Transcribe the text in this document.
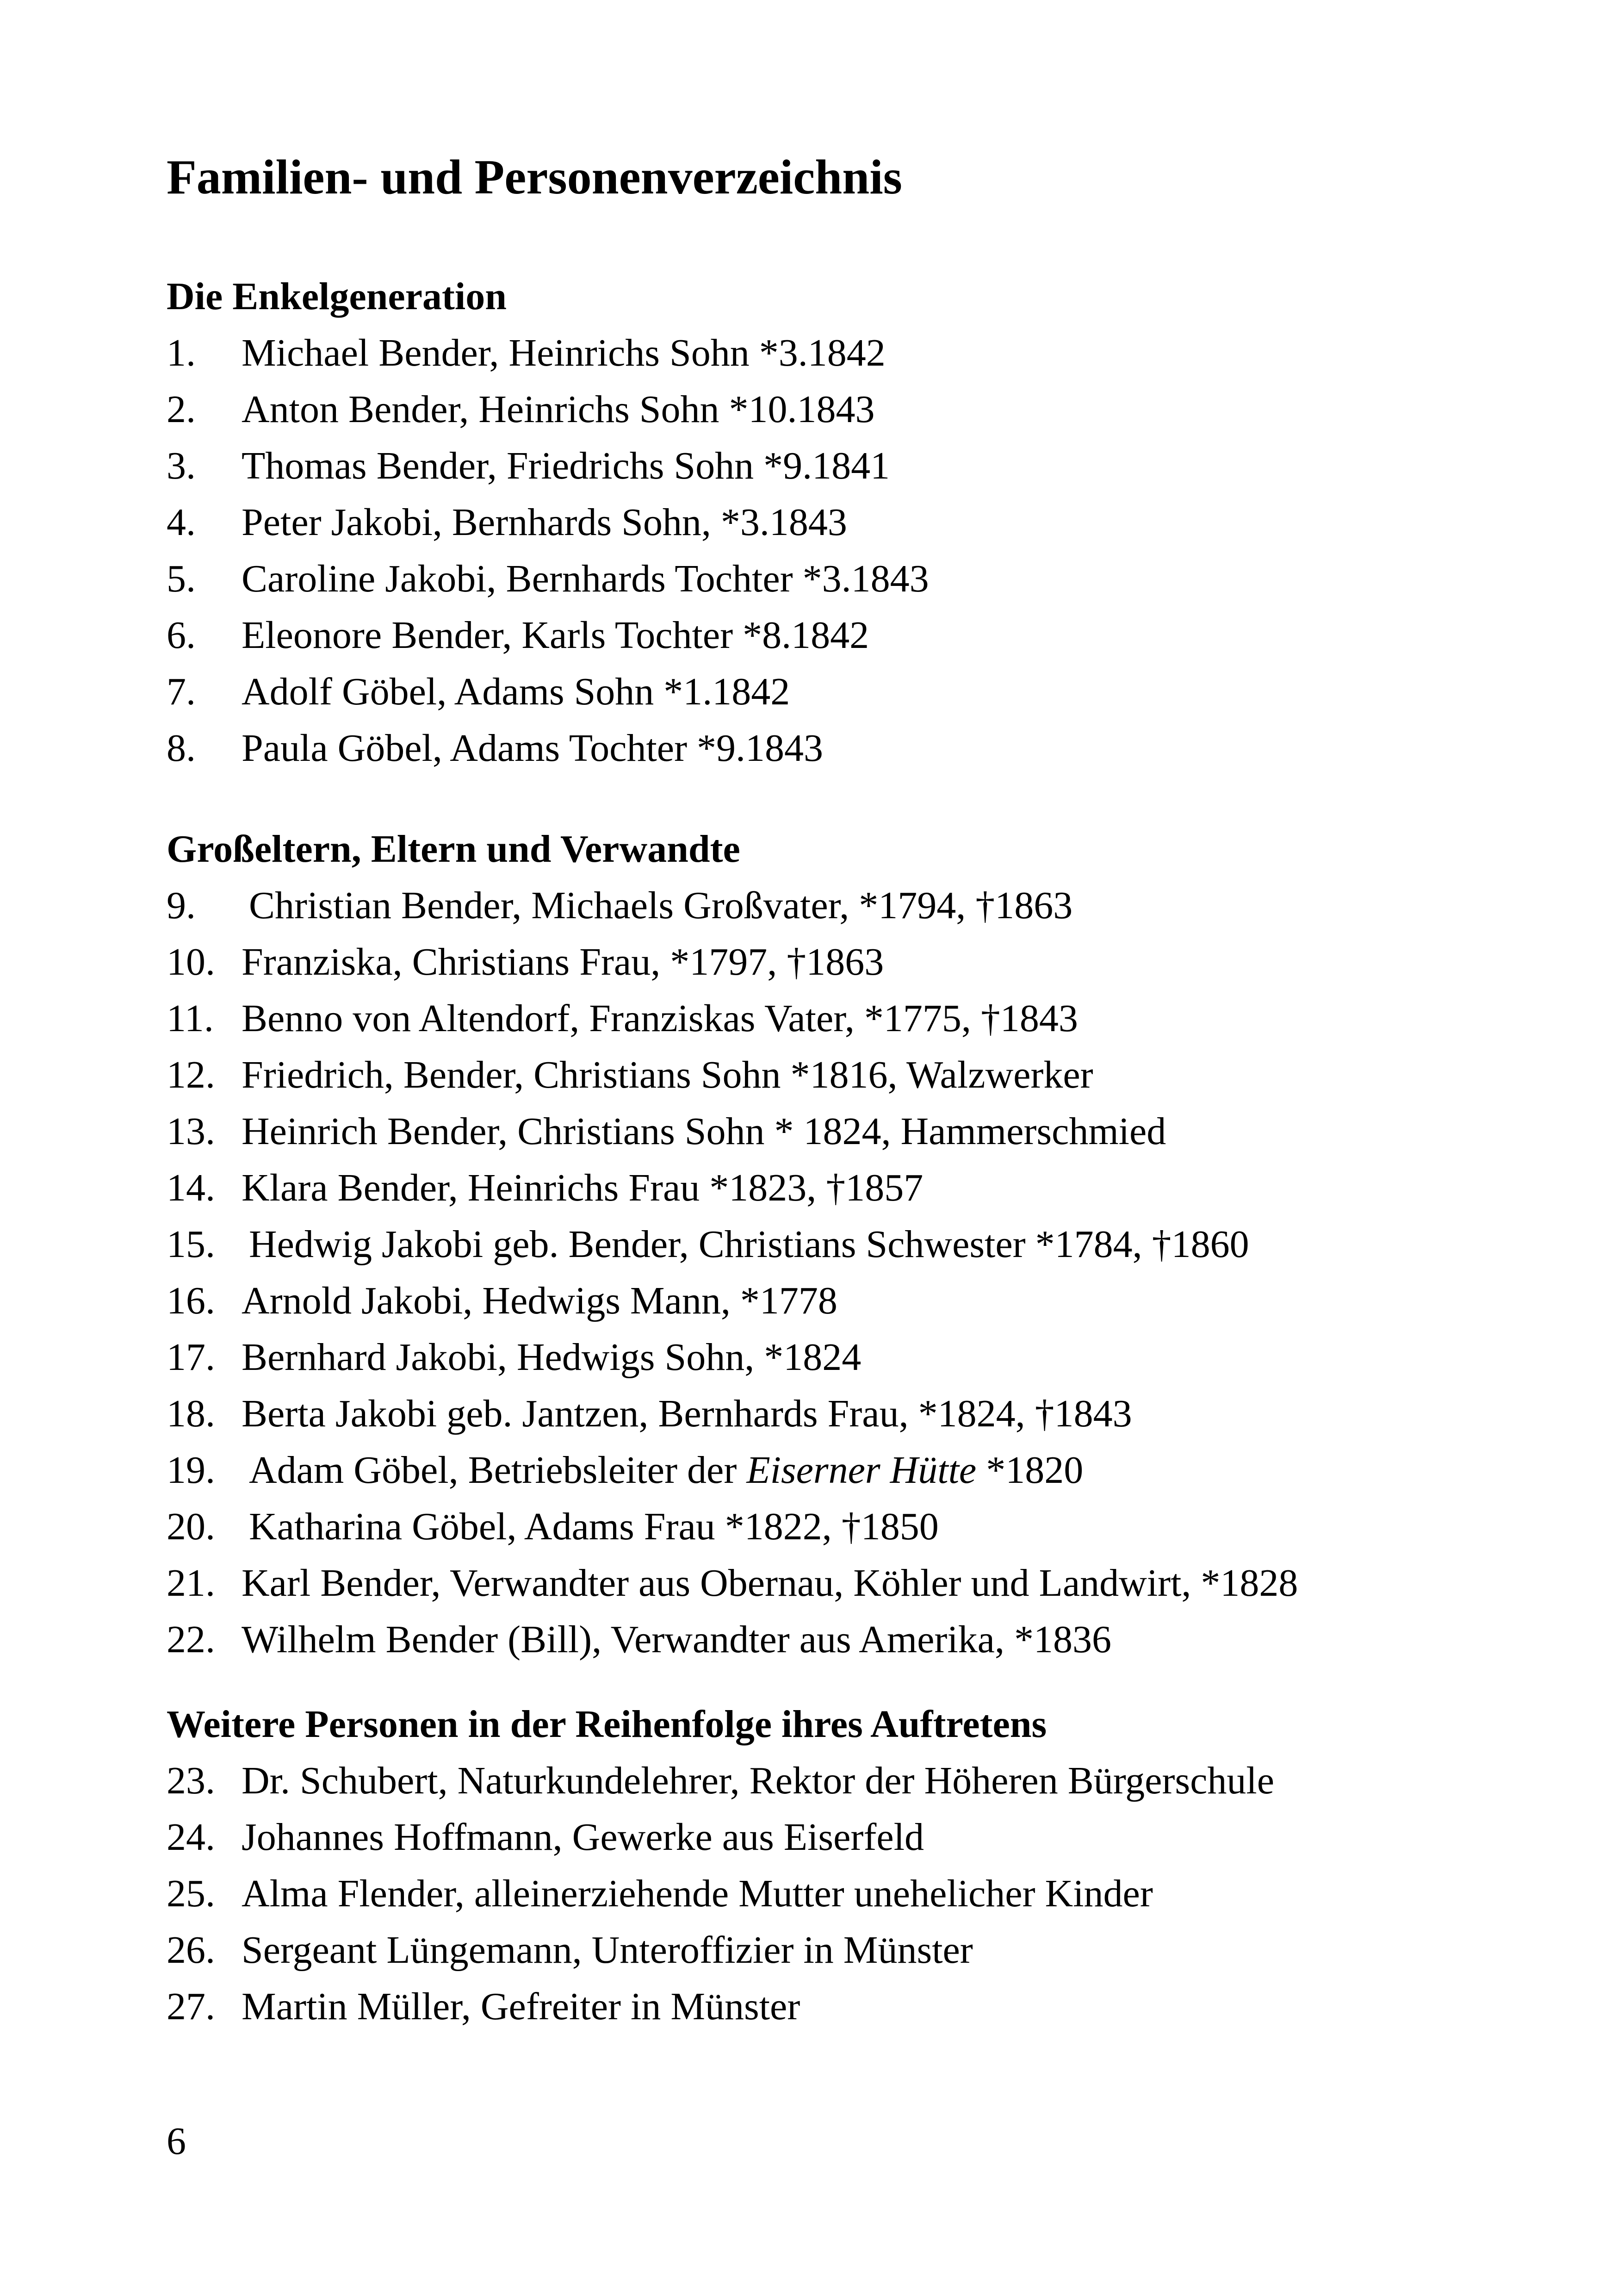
Familien- und Personenverzeichnis
Die Enkelgeneration
1.	Michael Bender, Heinrichs Sohn *3.1842
2.	Anton Bender, Heinrichs Sohn *10.1843
3.	Thomas Bender, Friedrichs Sohn *9.1841
4.	Peter Jakobi, Bernhards Sohn, *3.1843
5.	Caroline Jakobi, Bernhards Tochter *3.1843
6.	Eleonore Bender, Karls Tochter *8.1842
7.	Adolf Göbel, Adams Sohn *1.1842
8.	Paula Göbel, Adams Tochter *9.1843
Großeltern, Eltern und Verwandte
9.	Christian Bender, Michaels Großvater, *1794, †1863
10. Franziska, Christians Frau, *1797, †1863
11. Benno von Altendorf, Franziskas Vater, *1775, †1843
12. Friedrich, Bender, Christians Sohn *1816, Walzwerker
13. Heinrich Bender, Christians Sohn * 1824, Hammerschmied
14. Klara Bender, Heinrichs Frau *1823, †1857
15. Hedwig Jakobi geb. Bender, Christians Schwester *1784, †1860
16. Arnold Jakobi, Hedwigs Mann, *1778
17. Bernhard Jakobi, Hedwigs Sohn, *1824
18. Berta Jakobi geb. Jantzen, Bernhards Frau, *1824, †1843
19. Adam Göbel, Betriebsleiter der Eiserner Hütte *1820
20. Katharina Göbel, Adams Frau *1822, †1850
21. Karl Bender, Verwandter aus Obernau, Köhler und Landwirt, *1828
22. Wilhelm Bender (Bill), Verwandter aus Amerika, *1836
Weitere Personen in der Reihenfolge ihres Auftretens
23. Dr. Schubert, Naturkundelehrer, Rektor der Höheren Bürgerschule
24. Johannes Hoffmann, Gewerke aus Eiserfeld
25. Alma Flender, alleinerziehende Mutter unehelicher Kinder
26. Sergeant Lüngemann, Unteroffizier in Münster
27. Martin Müller, Gefreiter in Münster
6
